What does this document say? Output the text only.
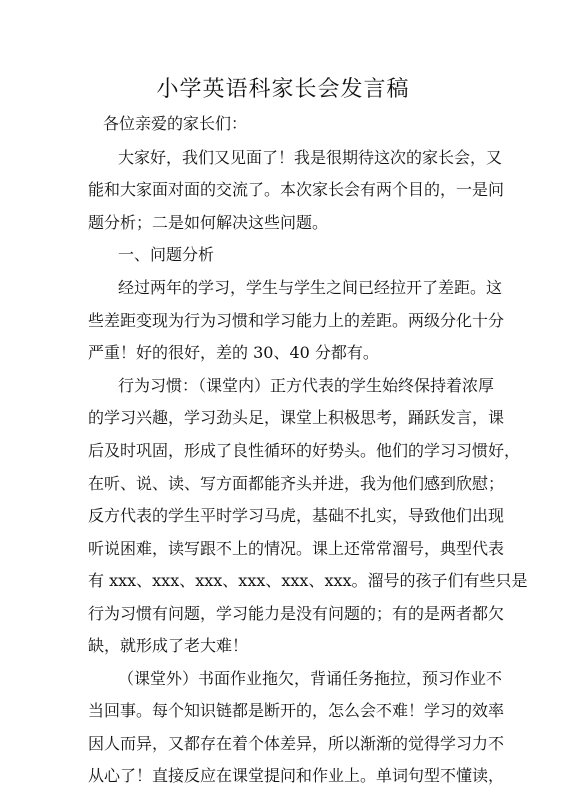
小学英语科家长会发言稿
各位亲爱的家长们：
大家好，我们又见面了！我是很期待这次的家长会，又
能和大家面对面的交流了。本次家长会有两个目的，一是问
题分析；二是如何解决这些问题。
一、问题分析
经过两年的学习，学生与学生之间已经拉开了差距。这
些差距变现为行为习惯和学习能力上的差距。两级分化十分
严重！好的很好，差的 30、40 分都有。
行为习惯：（课堂内）正方代表的学生始终保持着浓厚
的学习兴趣，学习劲头足，课堂上积极思考，踊跃发言，课
后及时巩固，形成了良性循环的好势头。他们的学习习惯好，
在听、说、读、写方面都能齐头并进，我为他们感到欣慰；
反方代表的学生平时学习马虎，基础不扎实，导致他们出现
听说困难，读写跟不上的情况。课上还常常溜号，典型代表
有 xxx、xxx、xxx、xxx、xxx、xxx。溜号的孩子们有些只是
行为习惯有问题，学习能力是没有问题的；有的是两者都欠
缺，就形成了老大难！
（课堂外）书面作业拖欠，背诵任务拖拉，预习作业不
当回事。每个知识链都是断开的，怎么会不难！学习的效率
因人而异，又都存在着个体差异，所以渐渐的觉得学习力不
从心了！直接反应在课堂提问和作业上。单词句型不懂读，
